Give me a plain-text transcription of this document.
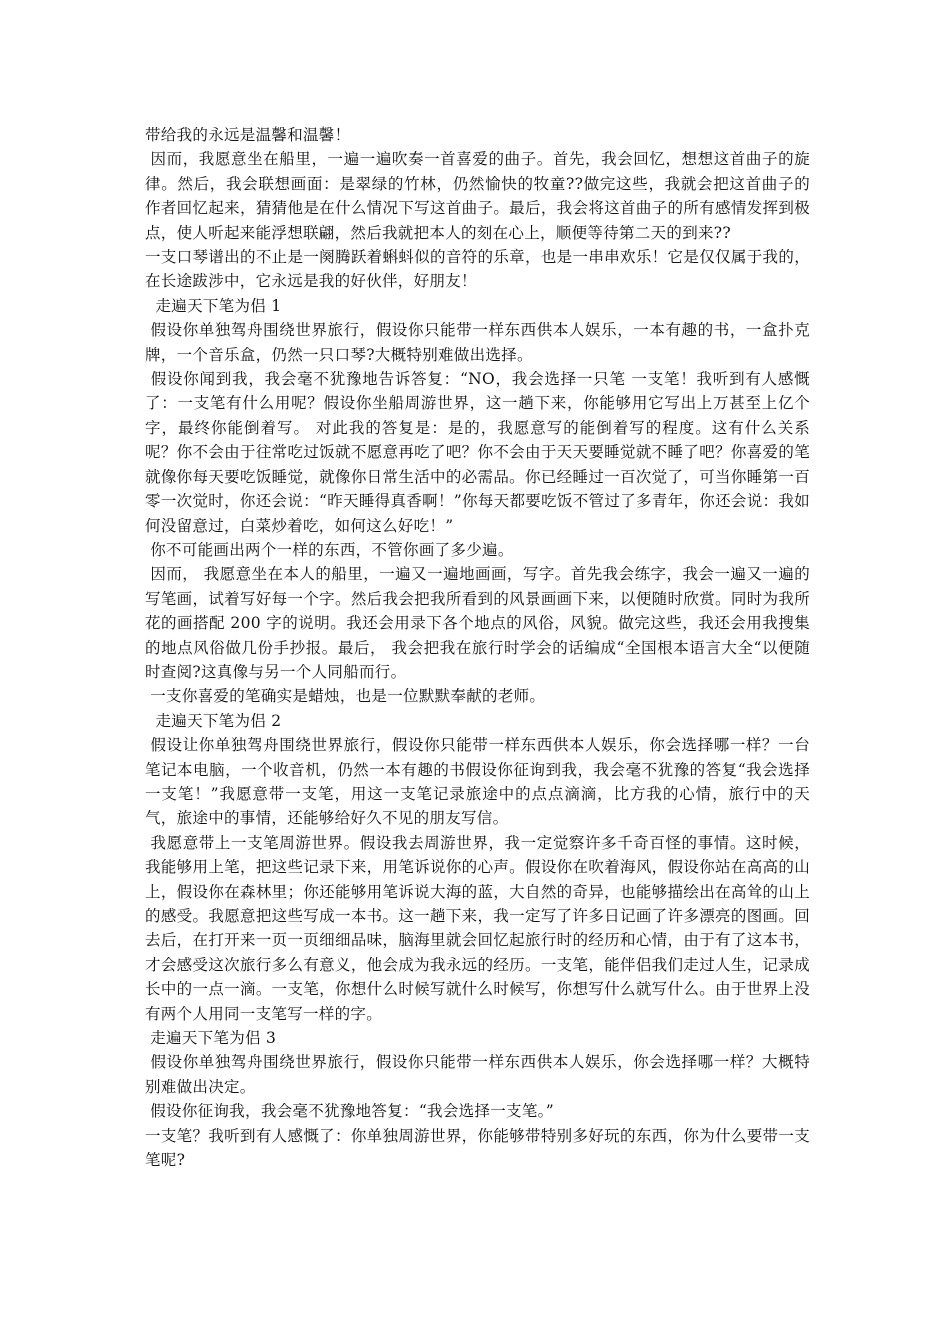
带给我的永远是温馨和温馨！

因而，我愿意坐在船里，一遍一遍吹奏一首喜爱的曲子。首先，我会回忆，想想这首曲子的旋律。然后，我会联想画面：是翠绿的竹林，仍然愉快的牧童??做完这些，我就会把这首曲子的作者回忆起来，猜猜他是在什么情况下写这首曲子。最后，我会将这首曲子的所有感情发挥到极点，使人听起来能浮想联翩，然后我就把本人的刻在心上，顺便等待第二天的到来??

一支口琴谱出的不止是一阕腾跃着蝌蚪似的音符的乐章，也是一串串欢乐！它是仅仅属于我的，在长途跋涉中，它永远是我的好伙伴，好朋友！

走遍天下笔为侣 1

假设你单独驾舟围绕世界旅行，假设你只能带一样东西供本人娱乐，一本有趣的书，一盒扑克牌，一个音乐盒，仍然一只口琴?大概特别难做出选择。

假设你闻到我，我会毫不犹豫地告诉答复：“NO，我会选择一只笔 一支笔！我听到有人感慨了：一支笔有什么用呢？假设你坐船周游世界，这一趟下来，你能够用它写出上万甚至上亿个字，最终你能倒着写。 对此我的答复是：是的，我愿意写的能倒着写的程度。这有什么关系呢？你不会由于往常吃过饭就不愿意再吃了吧？你不会由于天天要睡觉就不睡了吧？你喜爱的笔就像你每天要吃饭睡觉，就像你日常生活中的必需品。你已经睡过一百次觉了，可当你睡第一百零一次觉时，你还会说：“昨天睡得真香啊！”你每天都要吃饭不管过了多青年，你还会说：我如何没留意过，白菜炒着吃，如何这么好吃！”

你不可能画出两个一样的东西，不管你画了多少遍。

因而， 我愿意坐在本人的船里，一遍又一遍地画画，写字。首先我会练字，我会一遍又一遍的写笔画，试着写好每一个字。然后我会把我所看到的风景画画下来，以便随时欣赏。同时为我所花的画搭配 200 字的说明。我还会用录下各个地点的风俗，风貌。做完这些，我还会用我搜集的地点风俗做几份手抄报。最后， 我会把我在旅行时学会的话编成“全国根本语言大全“以便随时查阅?这真像与另一个人同船而行。

一支你喜爱的笔确实是蜡烛，也是一位默默奉献的老师。

走遍天下笔为侣 2

假设让你单独驾舟围绕世界旅行，假设你只能带一样东西供本人娱乐，你会选择哪一样？一台笔记本电脑，一个收音机，仍然一本有趣的书假设你征询到我，我会毫不犹豫的答复“我会选择一支笔！”我愿意带一支笔，用这一支笔记录旅途中的点点滴滴，比方我的心情，旅行中的天气，旅途中的事情，还能够给好久不见的朋友写信。

我愿意带上一支笔周游世界。假设我去周游世界，我一定觉察许多千奇百怪的事情。这时候，我能够用上笔，把这些记录下来，用笔诉说你的心声。假设你在吹着海风，假设你站在高高的山上，假设你在森林里；你还能够用笔诉说大海的蓝，大自然的奇异，也能够描绘出在高耸的山上的感受。我愿意把这些写成一本书。这一趟下来，我一定写了许多日记画了许多漂亮的图画。回去后，在打开来一页一页细细品味，脑海里就会回忆起旅行时的经历和心情，由于有了这本书，才会感受这次旅行多么有意义，他会成为我永远的经历。一支笔，能伴侣我们走过人生，记录成长中的一点一滴。一支笔，你想什么时候写就什么时候写，你想写什么就写什么。由于世界上没有两个人用同一支笔写一样的字。

走遍天下笔为侣 3

假设你单独驾舟围绕世界旅行，假设你只能带一样东西供本人娱乐，你会选择哪一样？大概特别难做出决定。

假设你征询我，我会毫不犹豫地答复：“我会选择一支笔。”

一支笔？我听到有人感慨了：你单独周游世界，你能够带特别多好玩的东西，你为什么要带一支笔呢?
